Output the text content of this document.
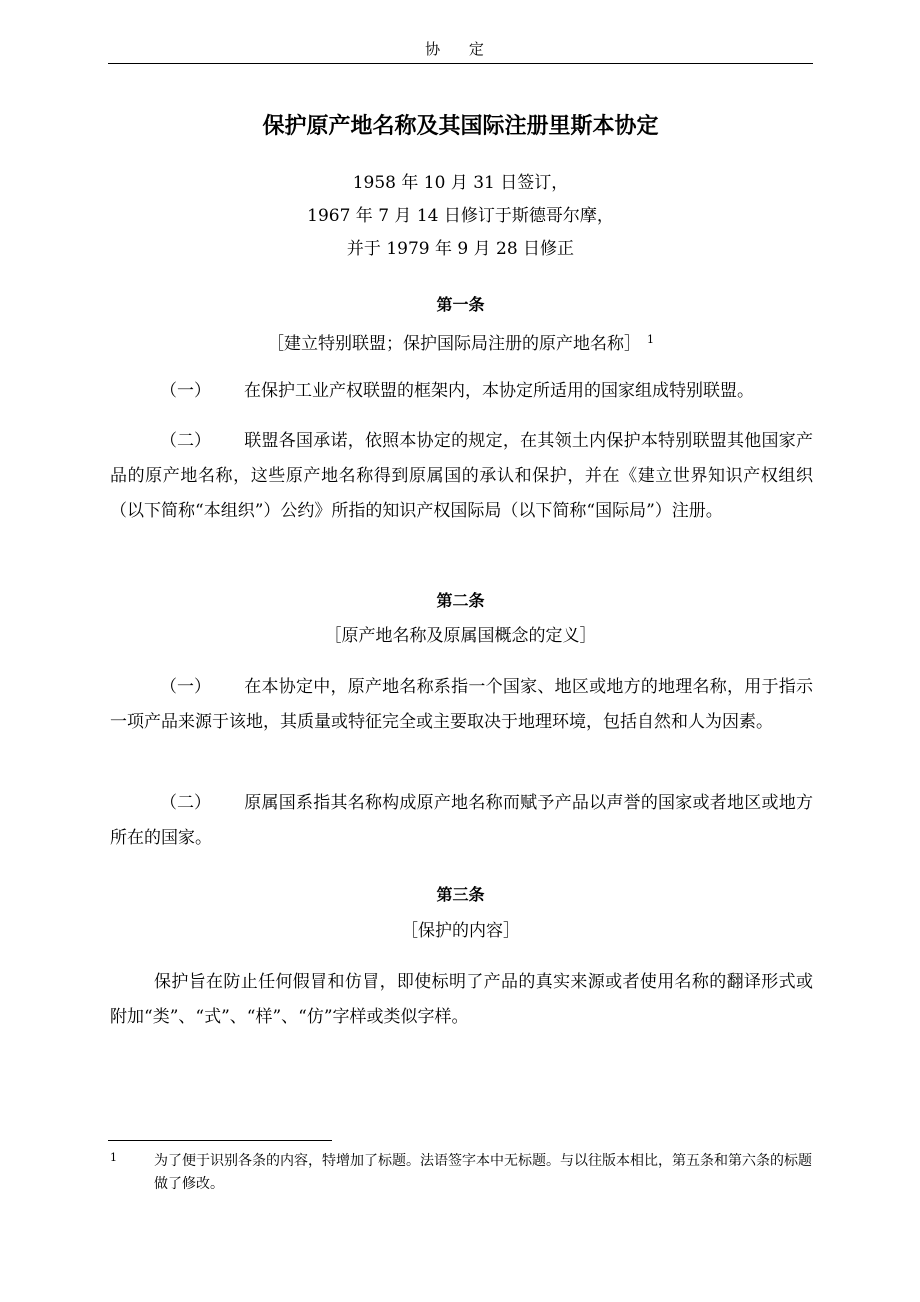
协 定
保护原产地名称及其国际注册里斯本协定
1958 年 10 月 31 日签订，
1967 年 7 月 14 日修订于斯德哥尔摩，
并于 1979 年 9 月 28 日修正
第一条
［建立特别联盟；保护国际局注册的原产地名称］ $^1$

（一） 在保护工业产权联盟的框架内，本协定所适用的国家组成特别联盟。

（二） 联盟各国承诺，依照本协定的规定，在其领土内保护本特别联盟其他国家产品的原产地名称，这些原产地名称得到原属国的承认和保护，并在《建立世界知识产权组织（以下简称“本组织”）公约》所指的知识产权国际局（以下简称“国际局”）注册。

第二条
［原产地名称及原属国概念的定义］

（一） 在本协定中，原产地名称系指一个国家、地区或地方的地理名称，用于指示一项产品来源于该地，其质量或特征完全或主要取决于地理环境，包括自然和人为因素。

（二） 原属国系指其名称构成原产地名称而赋予产品以声誉的国家或者地区或地方所在的国家。

第三条
［保护的内容］

保护旨在防止任何假冒和仿冒，即使标明了产品的真实来源或者使用名称的翻译形式或附加“类”、“式”、“样”、“仿”字样或类似字样。

1	为了便于识别各条的内容，特增加了标题。法语签字本中无标题。与以往版本相比，第五条和第六条的标题做了修改。
